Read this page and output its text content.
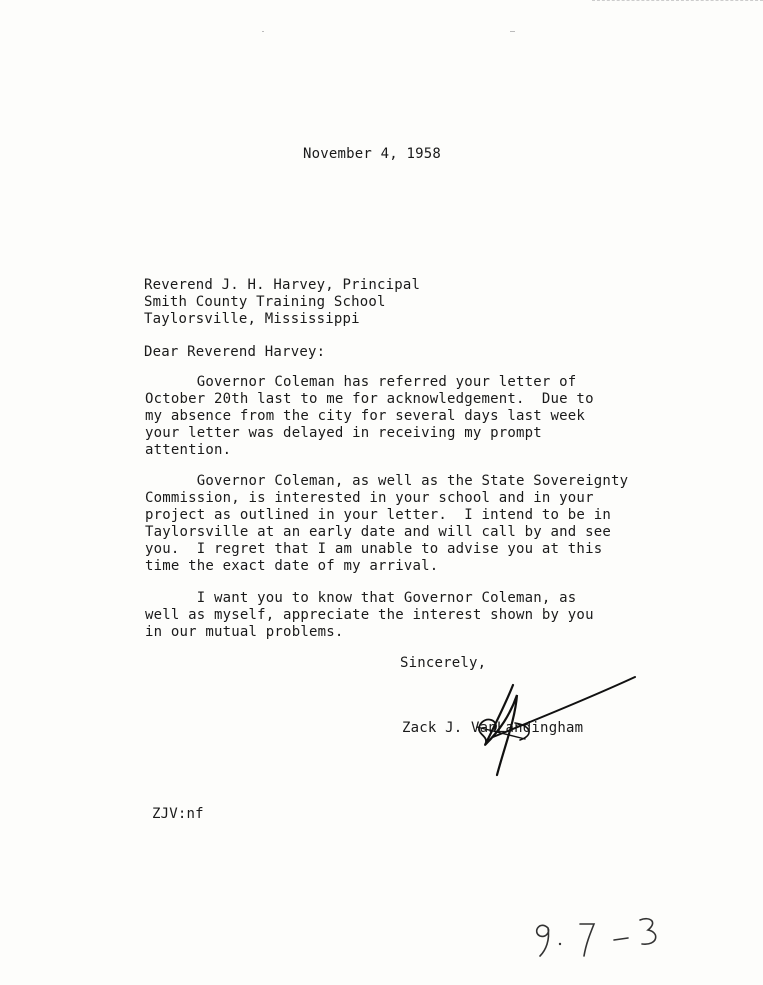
November 4, 1958
Reverend J. H. Harvey, Principal
Smith County Training School
Taylorsville, Mississippi
Dear Reverend Harvey:
Governor Coleman has referred your letter of
October 20th last to me for acknowledgement.  Due to
my absence from the city for several days last week
your letter was delayed in receiving my prompt
attention.
Governor Coleman, as well as the State Sovereignty
Commission, is interested in your school and in your
project as outlined in your letter.  I intend to be in
Taylorsville at an early date and will call by and see
you.  I regret that I am unable to advise you at this
time the exact date of my arrival.
I want you to know that Governor Coleman, as
well as myself, appreciate the interest shown by you
in our mutual problems.
Sincerely,
Zack J. VanLandingham
ZJV:nf
